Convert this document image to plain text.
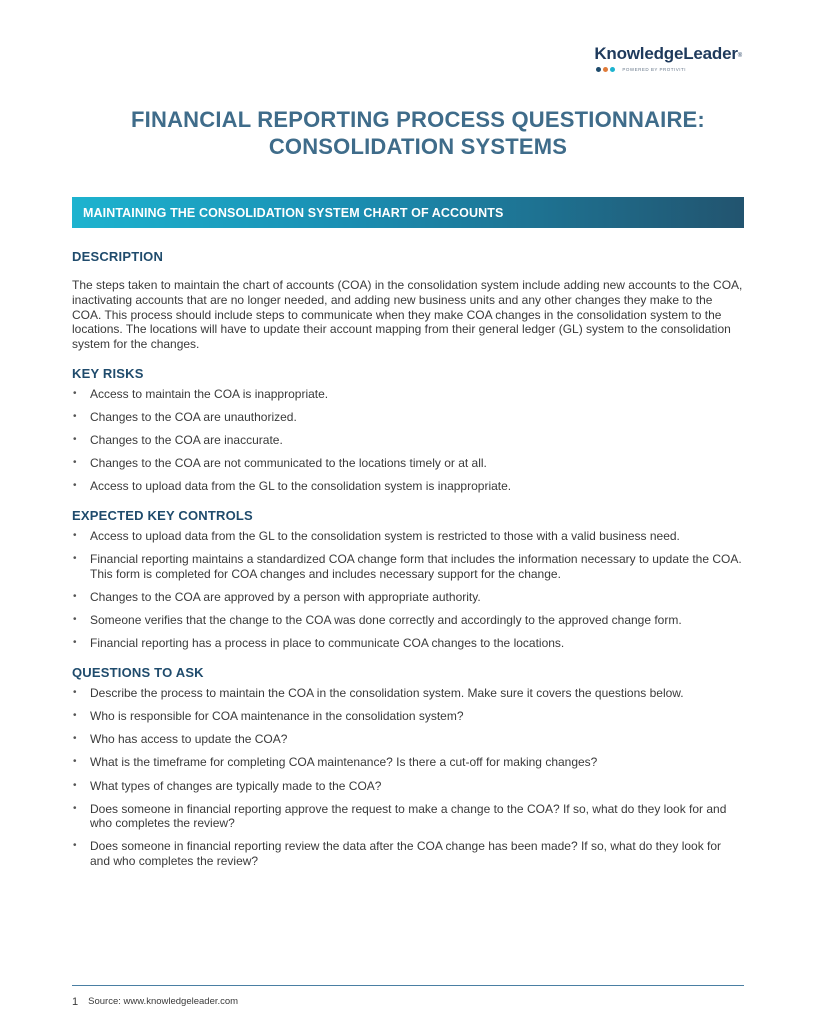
KnowledgeLeader®
POWERED BY PROTIVITI
FINANCIAL REPORTING PROCESS QUESTIONNAIRE:
CONSOLIDATION SYSTEMS
MAINTAINING THE CONSOLIDATION SYSTEM CHART OF ACCOUNTS
DESCRIPTION

The steps taken to maintain the chart of accounts (COA) in the consolidation system include adding new accounts to the COA, inactivating accounts that are no longer needed, and adding new business units and any other changes they make to the COA. This process should include steps to communicate when they make COA changes in the consolidation system to the locations. The locations will have to update their account mapping from their general ledger (GL) system to the consolidation system for the changes.

KEY RISKS
• Access to maintain the COA is inappropriate.
• Changes to the COA are unauthorized.
• Changes to the COA are inaccurate.
• Changes to the COA are not communicated to the locations timely or at all.
• Access to upload data from the GL to the consolidation system is inappropriate.
EXPECTED KEY CONTROLS
• Access to upload data from the GL to the consolidation system is restricted to those with a valid business need.
• Financial reporting maintains a standardized COA change form that includes the information necessary to update the COA. This form is completed for COA changes and includes necessary support for the change.
• Changes to the COA are approved by a person with appropriate authority.
• Someone verifies that the change to the COA was done correctly and accordingly to the approved change form.
• Financial reporting has a process in place to communicate COA changes to the locations.
QUESTIONS TO ASK
• Describe the process to maintain the COA in the consolidation system. Make sure it covers the questions below.
• Who is responsible for COA maintenance in the consolidation system?
• Who has access to update the COA?
• What is the timeframe for completing COA maintenance? Is there a cut-off for making changes?
• What types of changes are typically made to the COA?
• Does someone in financial reporting approve the request to make a change to the COA? If so, what do they look for and who completes the review?
• Does someone in financial reporting review the data after the COA change has been made? If so, what do they look for and who completes the review?
1 Source: www.knowledgeleader.com
